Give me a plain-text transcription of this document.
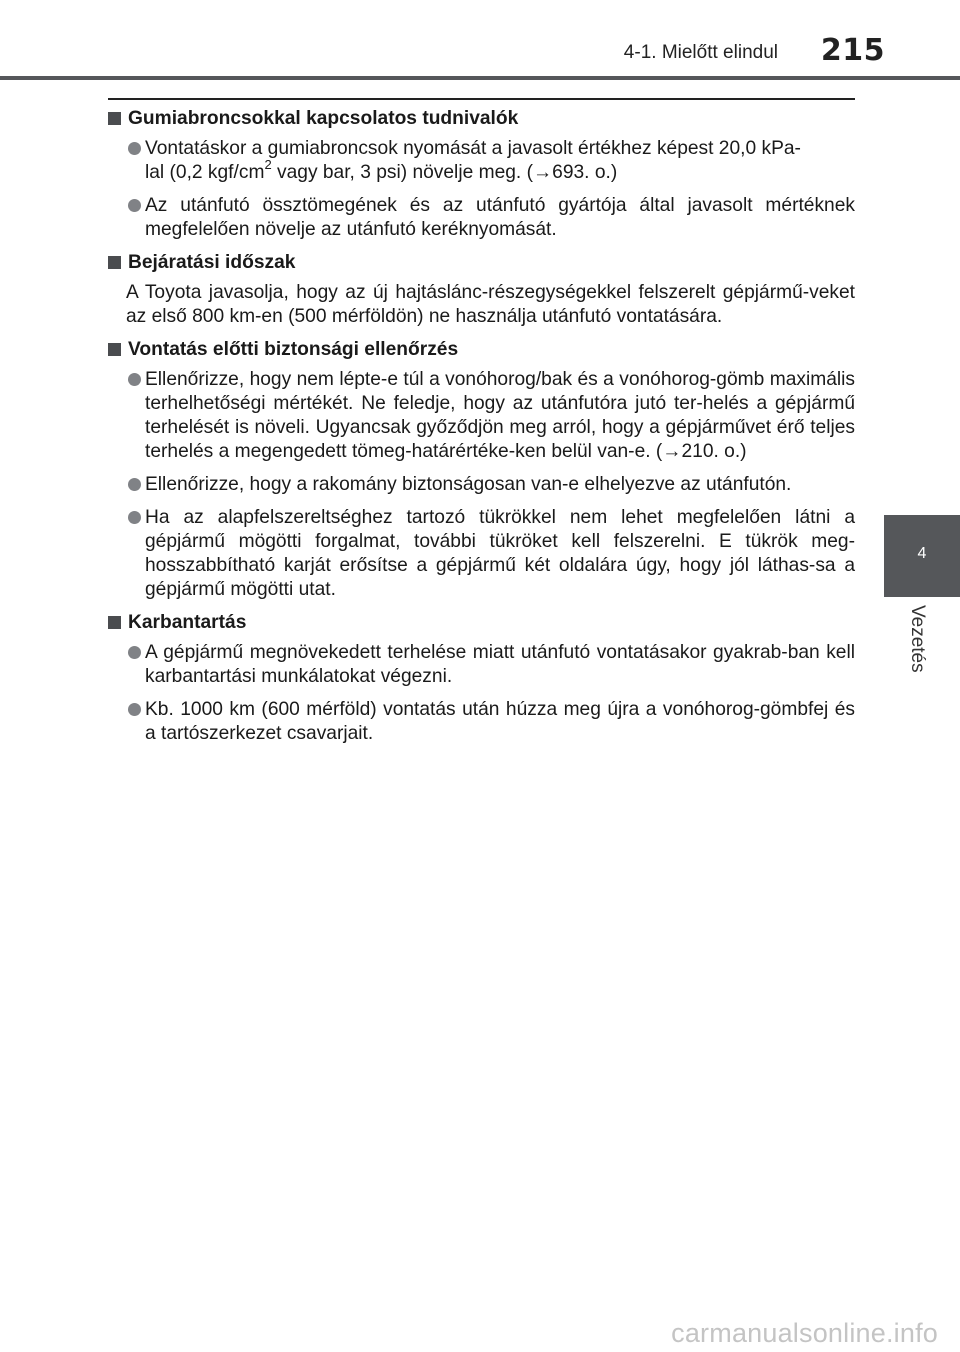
4-1. Mielőtt elindul 215
Gumiabroncsokkal kapcsolatos tudnivalók
Vontatáskor a gumiabroncsok nyomását a javasolt értékhez képest 20,0 kPa-
lal (0,2 kgf/$cm^2$ vagy bar, 3 psi) növelje meg. (→693. o.)
Az utánfutó össztömegének és az utánfutó gyártója által javasolt mértéknek megfelelően növelje az utánfutó keréknyomását.
Bejáratási időszak
A Toyota javasolja, hogy az új hajtáslánc-részegységekkel felszerelt gépjármű-veket az első 800 km-en (500 mérföldön) ne használja utánfutó vontatására.
Vontatás előtti biztonsági ellenőrzés
Ellenőrizze, hogy nem lépte-e túl a vonóhorog/bak és a vonóhorog-gömb maximális terhelhetőségi mértékét. Ne feledje, hogy az utánfutóra jutó ter-helés a gépjármű terhelését is növeli. Ugyancsak győződjön meg arról, hogy a gépjárművet érő teljes terhelés a megengedett tömeg-határértéke-ken belül van-e. (→210. o.)
Ellenőrizze, hogy a rakomány biztonságosan van-e elhelyezve az utánfutón.
Ha az alapfelszereltséghez tartozó tükrökkel nem lehet megfelelően látni a gépjármű mögötti forgalmat, további tükröket kell felszerelni. E tükrök meg-hosszabbítható karját erősítse a gépjármű két oldalára úgy, hogy jól láthas-sa a gépjármű mögötti utat.
Karbantartás
A gépjármű megnövekedett terhelése miatt utánfutó vontatásakor gyakrab-ban kell karbantartási munkálatokat végezni.
Kb. 1000 km (600 mérföld) vontatás után húzza meg újra a vonóhorog-gömbfej és a tartószerkezet csavarjait.
4
Vezetés
carmanualsonline.info
